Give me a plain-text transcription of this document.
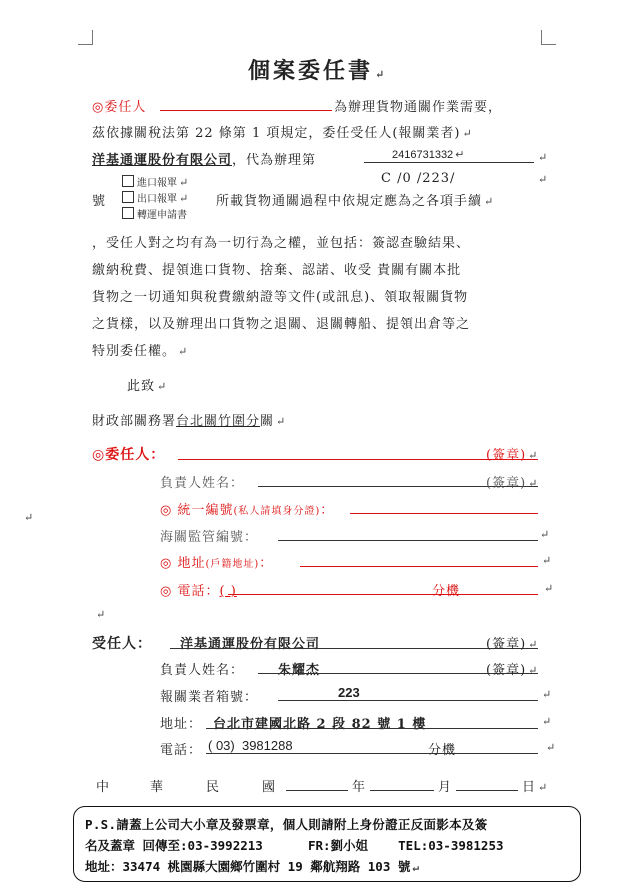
個案委任書 ↵
◎委任人	為辦理貨物通關作業需要，
茲依據關稅法第 22 條第 1 項規定，委任受任人(報關業者) ↵
洋基通運股份有限公司，代為辦理第	2416731332 ↵	↵
C /0 /223/	↵
進口報單 ↵
出口報單 ↵
轉運申請書
號	所載貨物通關過程中依規定應為之各項手續 ↵
，受任人對之均有為一切行為之權，並包括：簽認查驗結果、
繳納稅費、提領進口貨物、捨棄、認諾、收受 貴關有關本批
貨物之一切通知與稅費繳納證等文件(或訊息)、領取報關貨物
之貨樣，以及辦理出口貨物之退關、退關轉船、提領出倉等之
特別委任權。 ↵
此致 ↵
財政部關務署台北關竹圍分關 ↵
◎委任人：	(簽章) ↵
負責人姓名：	(簽章) ↵
◎ 統一編號(私人請填身分證)：
↵
海關監管編號：	↵
◎ 地址(戶籍地址)：	↵
◎ 電話：( )	分機	↵
↵
受任人： 洋基通運股份有限公司	(簽章) ↵
負責人姓名：	朱耀杰	(簽章) ↵
報關業者箱號：	223	↵
地址： 台北市建國北路 2 段 82 號 1 樓	↵
電話： ( 03) 3981288	分機	↵
中	華	民	國	年	月	日 ↵
P.S.請蓋上公司大小章及發票章，個人則請附上身份證正反面影本及簽
名及蓋章 回傳至:03-3992213      FR:劉小姐    TEL:03-3981253
地址：33474 桃園縣大園鄉竹圍村 19 鄰航翔路 103 號 ↵
